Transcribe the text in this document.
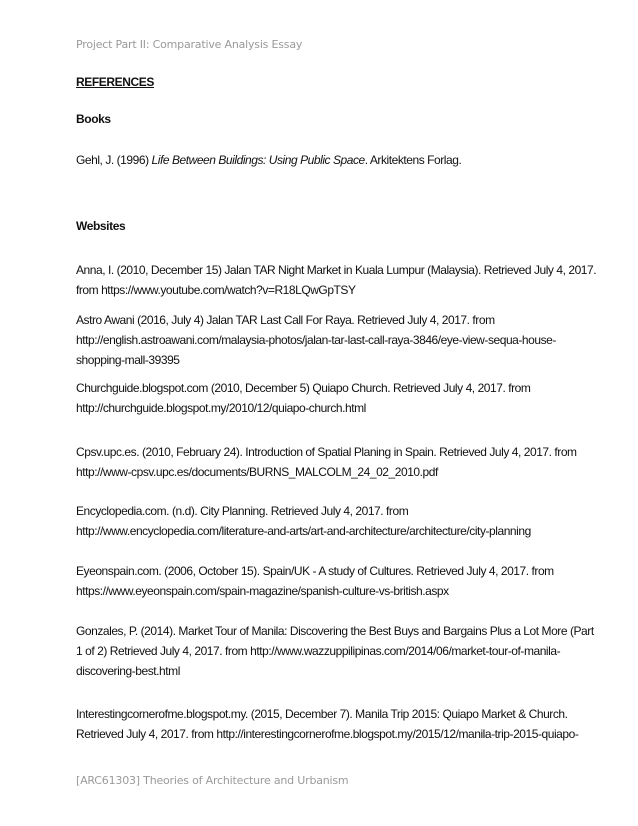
Project Part II: Comparative Analysis Essay
REFERENCES
Books
Gehl, J. (1996) Life Between Buildings: Using Public Space. Arkitektens Forlag.
Websites
Anna, I. (2010, December 15) Jalan TAR Night Market in Kuala Lumpur (Malaysia). Retrieved July 4, 2017.
from https://www.youtube.com/watch?v=R18LQwGpTSY
Astro Awani (2016, July 4) Jalan TAR Last Call For Raya. Retrieved July 4, 2017. from
http://english.astroawani.com/malaysia-photos/jalan-tar-last-call-raya-3846/eye-view-sequa-house-
shopping-mall-39395
Churchguide.blogspot.com (2010, December 5) Quiapo Church. Retrieved July 4, 2017. from
http://churchguide.blogspot.my/2010/12/quiapo-church.html
Cpsv.upc.es. (2010, February 24). Introduction of Spatial Planing in Spain. Retrieved July 4, 2017. from
http://www-cpsv.upc.es/documents/BURNS_MALCOLM_24_02_2010.pdf
Encyclopedia.com. (n.d). City Planning. Retrieved July 4, 2017. from
http://www.encyclopedia.com/literature-and-arts/art-and-architecture/architecture/city-planning
Eyeonspain.com. (2006, October 15). Spain/UK - A study of Cultures. Retrieved July 4, 2017. from
https://www.eyeonspain.com/spain-magazine/spanish-culture-vs-british.aspx
Gonzales, P. (2014). Market Tour of Manila: Discovering the Best Buys and Bargains Plus a Lot More (Part
1 of 2) Retrieved July 4, 2017. from http://www.wazzuppilipinas.com/2014/06/market-tour-of-manila-
discovering-best.html
Interestingcornerofme.blogspot.my. (2015, December 7). Manila Trip 2015: Quiapo Market & Church.
Retrieved July 4, 2017. from http://interestingcornerofme.blogspot.my/2015/12/manila-trip-2015-quiapo-
[ARC61303] Theories of Architecture and Urbanism
